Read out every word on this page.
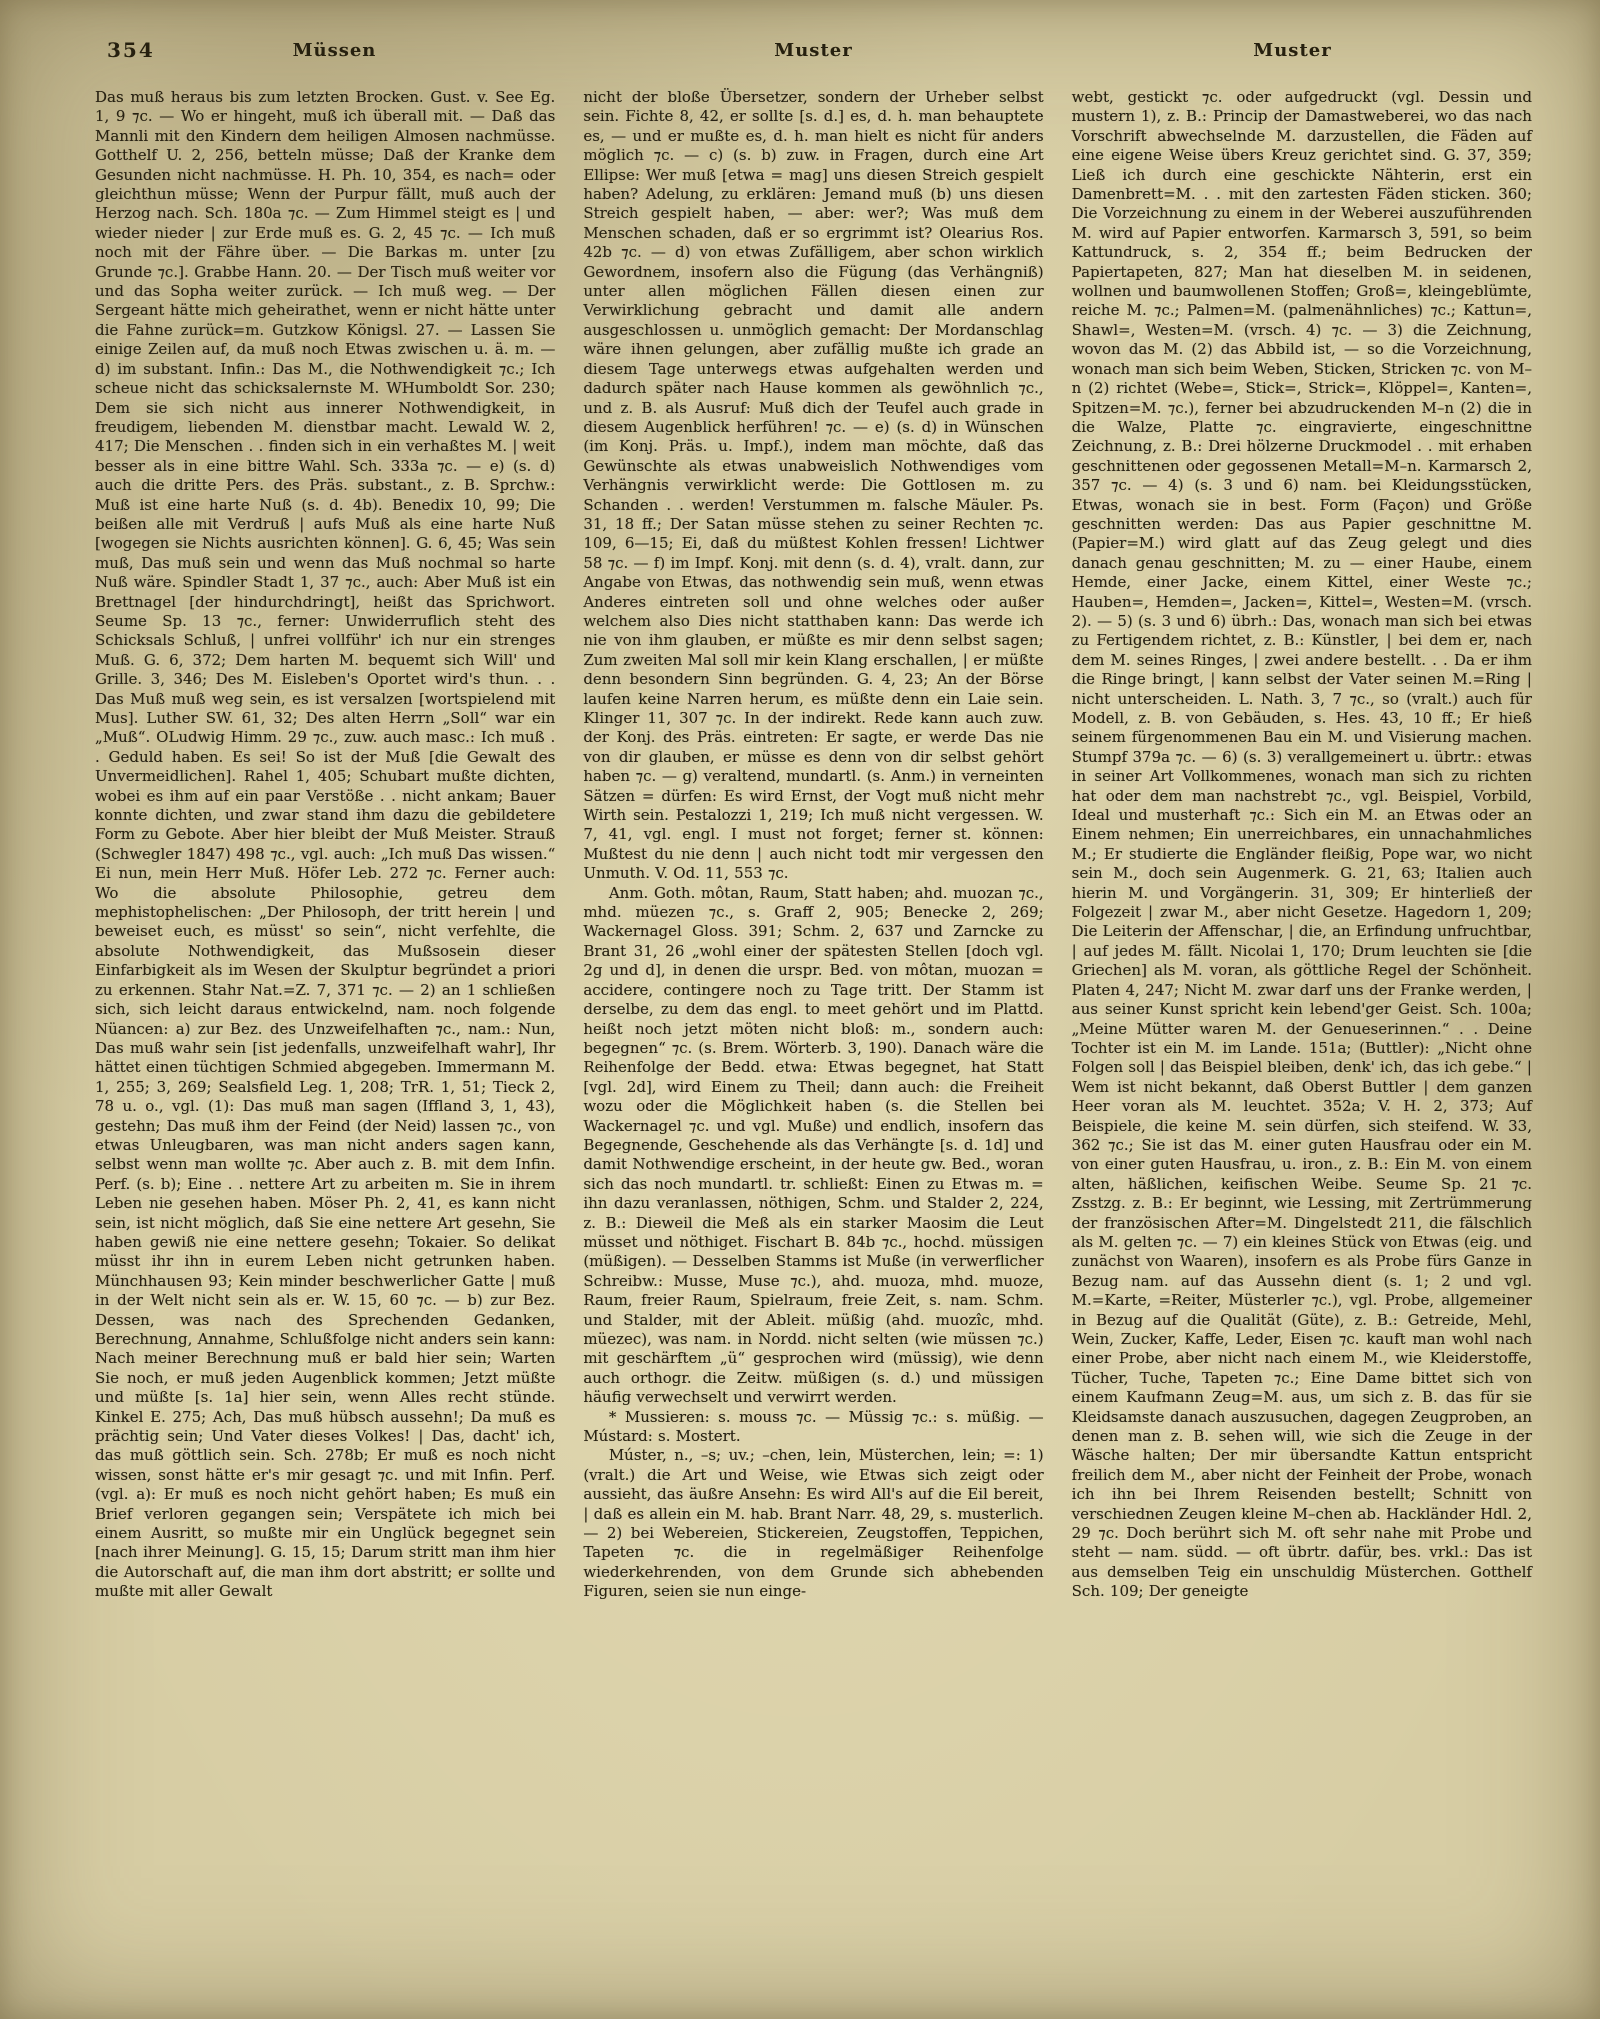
354	Müssen	Muster	Muster

Das muß heraus bis zum letzten Brocken. Gust. v. See Eg. 1, 9 ⁊c. — Wo er hingeht, muß ich überall mit. — Daß das Mannli mit den Kindern dem heiligen Almosen nachmüsse. Gotthelf U. 2, 256, betteln müsse; Daß der Kranke dem Gesunden nicht nachmüsse. H. Ph. 10, 354, es nach= oder gleichthun müsse; Wenn der Purpur fällt, muß auch der Herzog nach. Sch. 180a ⁊c. — Zum Himmel steigt es | und wieder nieder | zur Erde muß es. G. 2, 45 ⁊c. — Ich muß noch mit der Fähre über. — Die Barkas m. unter [zu Grunde ⁊c.]. Grabbe Hann. 20. — Der Tisch muß weiter vor und das Sopha weiter zurück. — Ich muß weg. — Der Sergeant hätte mich geheirathet, wenn er nicht hätte unter die Fahne zurück=m. Gutzkow Königsl. 27. — Lassen Sie einige Zeilen auf, da muß noch Etwas zwischen u. ä. m. — d) im substant. Infin.: Das M., die Nothwendigkeit ⁊c.; Ich scheue nicht das schicksalernste M. WHumboldt Sor. 230; Dem sie sich nicht aus innerer Nothwendigkeit, in freudigem, liebenden M. dienstbar macht. Lewald W. 2, 417; Die Menschen . . finden sich in ein verhaßtes M. | weit besser als in eine bittre Wahl. Sch. 333a ⁊c. — e) (s. d) auch die dritte Pers. des Präs. substant., z. B. Sprchw.: Muß ist eine harte Nuß (s. d. 4b). Benedix 10, 99; Die beißen alle mit Verdruß | aufs Muß als eine harte Nuß [wogegen sie Nichts ausrichten können]. G. 6, 45; Was sein muß, Das muß sein und wenn das Muß nochmal so harte Nuß wäre. Spindler Stadt 1, 37 ⁊c., auch: Aber Muß ist ein Brettnagel [der hindurchdringt], heißt das Sprichwort. Seume Sp. 13 ⁊c., ferner: Unwiderruflich steht des Schicksals Schluß, | unfrei vollführ' ich nur ein strenges Muß. G. 6, 372; Dem harten M. bequemt sich Will' und Grille. 3, 346; Des M. Eisleben's Oportet wird's thun. . . Das Muß muß weg sein, es ist versalzen [wortspielend mit Mus]. Luther SW. 61, 32; Des alten Herrn „Soll“ war ein „Muß“. OLudwig Himm. 29 ⁊c., zuw. auch masc.: Ich muß . . Geduld haben. Es sei! So ist der Muß [die Gewalt des Unvermeidlichen]. Rahel 1, 405; Schubart mußte dichten, wobei es ihm auf ein paar Verstöße . . nicht ankam; Bauer konnte dichten, und zwar stand ihm dazu die gebildetere Form zu Gebote. Aber hier bleibt der Muß Meister. Strauß (Schwegler 1847) 498 ⁊c., vgl. auch: „Ich muß Das wissen.“ Ei nun, mein Herr Muß. Höfer Leb. 272 ⁊c. Ferner auch: Wo die absolute Philosophie, getreu dem mephistophelischen: „Der Philosoph, der tritt herein | und beweiset euch, es müsst' so sein“, nicht verfehlte, die absolute Nothwendigkeit, das Mußsosein dieser Einfarbigkeit als im Wesen der Skulptur begründet a priori zu erkennen. Stahr Nat.=Z. 7, 371 ⁊c. — 2) an 1 schließen sich, sich leicht daraus entwickelnd, nam. noch folgende Nüancen: a) zur Bez. des Unzweifelhaften ⁊c., nam.: Nun, Das muß wahr sein [ist jedenfalls, unzweifelhaft wahr], Ihr hättet einen tüchtigen Schmied abgegeben. Immermann M. 1, 255; 3, 269; Sealsfield Leg. 1, 208; TrR. 1, 51; Tieck 2, 78 u. o., vgl. (1): Das muß man sagen (Iffland 3, 1, 43), gestehn; Das muß ihm der Feind (der Neid) lassen ⁊c., von etwas Unleugbaren, was man nicht anders sagen kann, selbst wenn man wollte ⁊c. Aber auch z. B. mit dem Infin. Perf. (s. b); Eine . . nettere Art zu arbeiten m. Sie in ihrem Leben nie gesehen haben. Möser Ph. 2, 41, es kann nicht sein, ist nicht möglich, daß Sie eine nettere Art gesehn, Sie haben gewiß nie eine nettere gesehn; Tokaier. So delikat müsst ihr ihn in eurem Leben nicht getrunken haben. Münchhausen 93; Kein minder beschwerlicher Gatte | muß in der Welt nicht sein als er. W. 15, 60 ⁊c. — b) zur Bez. Dessen, was nach des Sprechenden Gedanken, Berechnung, Annahme, Schlußfolge nicht anders sein kann: Nach meiner Berechnung muß er bald hier sein; Warten Sie noch, er muß jeden Augenblick kommen; Jetzt müßte und müßte [s. 1a] hier sein, wenn Alles recht stünde. Kinkel E. 275; Ach, Das muß hübsch aussehn!; Da muß es prächtig sein; Und Vater dieses Volkes! | Das, dacht' ich, das muß göttlich sein. Sch. 278b; Er muß es noch nicht wissen, sonst hätte er's mir gesagt ⁊c. und mit Infin. Perf. (vgl. a): Er muß es noch nicht gehört haben; Es muß ein Brief verloren gegangen sein; Verspätete ich mich bei einem Ausritt, so mußte mir ein Unglück begegnet sein [nach ihrer Meinung]. G. 15, 15; Darum stritt man ihm hier die Autorschaft auf, die man ihm dort abstritt; er sollte und mußte mit aller Gewalt

nicht der bloße Übersetzer, sondern der Urheber selbst sein. Fichte 8, 42, er sollte [s. d.] es, d. h. man behauptete es, — und er mußte es, d. h. man hielt es nicht für anders möglich ⁊c. — c) (s. b) zuw. in Fragen, durch eine Art Ellipse: Wer muß [etwa = mag] uns diesen Streich gespielt haben? Adelung, zu erklären: Jemand muß (b) uns diesen Streich gespielt haben, — aber: wer?; Was muß dem Menschen schaden, daß er so ergrimmt ist? Olearius Ros. 42b ⁊c. — d) von etwas Zufälligem, aber schon wirklich Gewordnem, insofern also die Fügung (das Verhängniß) unter allen möglichen Fällen diesen einen zur Verwirklichung gebracht und damit alle andern ausgeschlossen u. unmöglich gemacht: Der Mordanschlag wäre ihnen gelungen, aber zufällig mußte ich grade an diesem Tage unterwegs etwas aufgehalten werden und dadurch später nach Hause kommen als gewöhnlich ⁊c., und z. B. als Ausruf: Muß dich der Teufel auch grade in diesem Augenblick herführen! ⁊c. — e) (s. d) in Wünschen (im Konj. Präs. u. Impf.), indem man möchte, daß das Gewünschte als etwas unabweislich Nothwendiges vom Verhängnis verwirklicht werde: Die Gottlosen m. zu Schanden . . werden! Verstummen m. falsche Mäuler. Ps. 31, 18 ff.; Der Satan müsse stehen zu seiner Rechten ⁊c. 109, 6—15; Ei, daß du müßtest Kohlen fressen! Lichtwer 58 ⁊c. — f) im Impf. Konj. mit denn (s. d. 4), vralt. dann, zur Angabe von Etwas, das nothwendig sein muß, wenn etwas Anderes eintreten soll und ohne welches oder außer welchem also Dies nicht statthaben kann: Das werde ich nie von ihm glauben, er müßte es mir denn selbst sagen; Zum zweiten Mal soll mir kein Klang erschallen, | er müßte denn besondern Sinn begründen. G. 4, 23; An der Börse laufen keine Narren herum, es müßte denn ein Laie sein. Klinger 11, 307 ⁊c. In der indirekt. Rede kann auch zuw. der Konj. des Präs. eintreten: Er sagte, er werde Das nie von dir glauben, er müsse es denn von dir selbst gehört haben ⁊c. — g) veraltend, mundartl. (s. Anm.) in verneinten Sätzen = dürfen: Es wird Ernst, der Vogt muß nicht mehr Wirth sein. Pestalozzi 1, 219; Ich muß nicht vergessen. W. 7, 41, vgl. engl. I must not forget; ferner st. können: Mußtest du nie denn | auch nicht todt mir vergessen den Unmuth. V. Od. 11, 553 ⁊c.

Anm. Goth. môtan, Raum, Statt haben; ahd. muozan ⁊c., mhd. müezen ⁊c., s. Graff 2, 905; Benecke 2, 269; Wackernagel Gloss. 391; Schm. 2, 637 und Zarncke zu Brant 31, 26 „wohl einer der spätesten Stellen [doch vgl. 2g und d], in denen die urspr. Bed. von môtan, muozan = accidere, contingere noch zu Tage tritt. Der Stamm ist derselbe, zu dem das engl. to meet gehört und im Plattd. heißt noch jetzt möten nicht bloß: m., sondern auch: begegnen“ ⁊c. (s. Brem. Wörterb. 3, 190). Danach wäre die Reihenfolge der Bedd. etwa: Etwas begegnet, hat Statt [vgl. 2d], wird Einem zu Theil; dann auch: die Freiheit wozu oder die Möglichkeit haben (s. die Stellen bei Wackernagel ⁊c. und vgl. Muße) und endlich, insofern das Begegnende, Geschehende als das Verhängte [s. d. 1d] und damit Nothwendige erscheint, in der heute gw. Bed., woran sich das noch mundartl. tr. schließt: Einen zu Etwas m. = ihn dazu veranlassen, nöthigen, Schm. und Stalder 2, 224, z. B.: Dieweil die Meß als ein starker Maosim die Leut müsset und nöthiget. Fischart B. 84b ⁊c., hochd. müssigen (müßigen). — Desselben Stamms ist Muße (in verwerflicher Schreibw.: Musse, Muse ⁊c.), ahd. muoza, mhd. muoze, Raum, freier Raum, Spielraum, freie Zeit, s. nam. Schm. und Stalder, mit der Ableit. müßig (ahd. muozîc, mhd. müezec), was nam. in Nordd. nicht selten (wie müssen ⁊c.) mit geschärftem „ü“ gesprochen wird (müssig), wie denn auch orthogr. die Zeitw. müßigen (s. d.) und müssigen häufig verwechselt und verwirrt werden.

* Mussieren: s. mouss ⁊c. — Müssig ⁊c.: s. müßig. — Mústard: s. Mostert.

Múster, n., –s; uv.; –chen, lein, Müsterchen, lein; =: 1) (vralt.) die Art und Weise, wie Etwas sich zeigt oder aussieht, das äußre Ansehn: Es wird All's auf die Eil bereit, | daß es allein ein M. hab. Brant Narr. 48, 29, s. musterlich. — 2) bei Webereien, Stickereien, Zeugstoffen, Teppichen, Tapeten ⁊c. die in regelmäßiger Reihenfolge wiederkehrenden, von dem Grunde sich abhebenden Figuren, seien sie nun einge-

webt, gestickt ⁊c. oder aufgedruckt (vgl. Dessin und mustern 1), z. B.: Princip der Damastweberei, wo das nach Vorschrift abwechselnde M. darzustellen, die Fäden auf eine eigene Weise übers Kreuz gerichtet sind. G. 37, 359; Ließ ich durch eine geschickte Nähterin, erst ein Damenbrett=M. . . mit den zartesten Fäden sticken. 360; Die Vorzeichnung zu einem in der Weberei auszuführenden M. wird auf Papier entworfen. Karmarsch 3, 591, so beim Kattundruck, s. 2, 354 ff.; beim Bedrucken der Papiertapeten, 827; Man hat dieselben M. in seidenen, wollnen und baumwollenen Stoffen; Groß=, kleingeblümte, reiche M. ⁊c.; Palmen=M. (palmenähnliches) ⁊c.; Kattun=, Shawl=, Westen=M. (vrsch. 4) ⁊c. — 3) die Zeichnung, wovon das M. (2) das Abbild ist, — so die Vorzeichnung, wonach man sich beim Weben, Sticken, Stricken ⁊c. von M–n (2) richtet (Webe=, Stick=, Strick=, Klöppel=, Kanten=, Spitzen=M. ⁊c.), ferner bei abzudruckenden M–n (2) die in die Walze, Platte ⁊c. eingravierte, eingeschnittne Zeichnung, z. B.: Drei hölzerne Druckmodel . . mit erhaben geschnittenen oder gegossenen Metall=M–n. Karmarsch 2, 357 ⁊c. — 4) (s. 3 und 6) nam. bei Kleidungsstücken, Etwas, wonach sie in best. Form (Façon) und Größe geschnitten werden: Das aus Papier geschnittne M. (Papier=M.) wird glatt auf das Zeug gelegt und dies danach genau geschnitten; M. zu — einer Haube, einem Hemde, einer Jacke, einem Kittel, einer Weste ⁊c.; Hauben=, Hemden=, Jacken=, Kittel=, Westen=M. (vrsch. 2). — 5) (s. 3 und 6) übrh.: Das, wonach man sich bei etwas zu Fertigendem richtet, z. B.: Künstler, | bei dem er, nach dem M. seines Ringes, | zwei andere bestellt. . . Da er ihm die Ringe bringt, | kann selbst der Vater seinen M.=Ring | nicht unterscheiden. L. Nath. 3, 7 ⁊c., so (vralt.) auch für Modell, z. B. von Gebäuden, s. Hes. 43, 10 ff.; Er hieß seinem fürgenommenen Bau ein M. und Visierung machen. Stumpf 379a ⁊c. — 6) (s. 3) verallgemeinert u. übrtr.: etwas in seiner Art Vollkommenes, wonach man sich zu richten hat oder dem man nachstrebt ⁊c., vgl. Beispiel, Vorbild, Ideal und musterhaft ⁊c.: Sich ein M. an Etwas oder an Einem nehmen; Ein unerreichbares, ein unnachahmliches M.; Er studierte die Engländer fleißig, Pope war, wo nicht sein M., doch sein Augenmerk. G. 21, 63; Italien auch hierin M. und Vorgängerin. 31, 309; Er hinterließ der Folgezeit | zwar M., aber nicht Gesetze. Hagedorn 1, 209; Die Leiterin der Affenschar, | die, an Erfindung unfruchtbar, | auf jedes M. fällt. Nicolai 1, 170; Drum leuchten sie [die Griechen] als M. voran, als göttliche Regel der Schönheit. Platen 4, 247; Nicht M. zwar darf uns der Franke werden, | aus seiner Kunst spricht kein lebend'ger Geist. Sch. 100a; „Meine Mütter waren M. der Genueserinnen.“ . . Deine Tochter ist ein M. im Lande. 151a; (Buttler): „Nicht ohne Folgen soll | das Beispiel bleiben, denk' ich, das ich gebe.“ | Wem ist nicht bekannt, daß Oberst Buttler | dem ganzen Heer voran als M. leuchtet. 352a; V. H. 2, 373; Auf Beispiele, die keine M. sein dürfen, sich steifend. W. 33, 362 ⁊c.; Sie ist das M. einer guten Hausfrau oder ein M. von einer guten Hausfrau, u. iron., z. B.: Ein M. von einem alten, häßlichen, keifischen Weibe. Seume Sp. 21 ⁊c. Zsstzg. z. B.: Er beginnt, wie Lessing, mit Zertrümmerung der französischen After=M. Dingelstedt 211, die fälschlich als M. gelten ⁊c. — 7) ein kleines Stück von Etwas (eig. und zunächst von Waaren), insofern es als Probe fürs Ganze in Bezug nam. auf das Aussehn dient (s. 1; 2 und vgl. M.=Karte, =Reiter, Müsterler ⁊c.), vgl. Probe, allgemeiner in Bezug auf die Qualität (Güte), z. B.: Getreide, Mehl, Wein, Zucker, Kaffe, Leder, Eisen ⁊c. kauft man wohl nach einer Probe, aber nicht nach einem M., wie Kleiderstoffe, Tücher, Tuche, Tapeten ⁊c.; Eine Dame bittet sich von einem Kaufmann Zeug=M. aus, um sich z. B. das für sie Kleidsamste danach auszusuchen, dagegen Zeugproben, an denen man z. B. sehen will, wie sich die Zeuge in der Wäsche halten; Der mir übersandte Kattun entspricht freilich dem M., aber nicht der Feinheit der Probe, wonach ich ihn bei Ihrem Reisenden bestellt; Schnitt von verschiednen Zeugen kleine M–chen ab. Hackländer Hdl. 2, 29 ⁊c. Doch berührt sich M. oft sehr nahe mit Probe und steht — nam. südd. — oft übrtr. dafür, bes. vrkl.: Das ist aus demselben Teig ein unschuldig Müsterchen. Gotthelf Sch. 109; Der geneigte
